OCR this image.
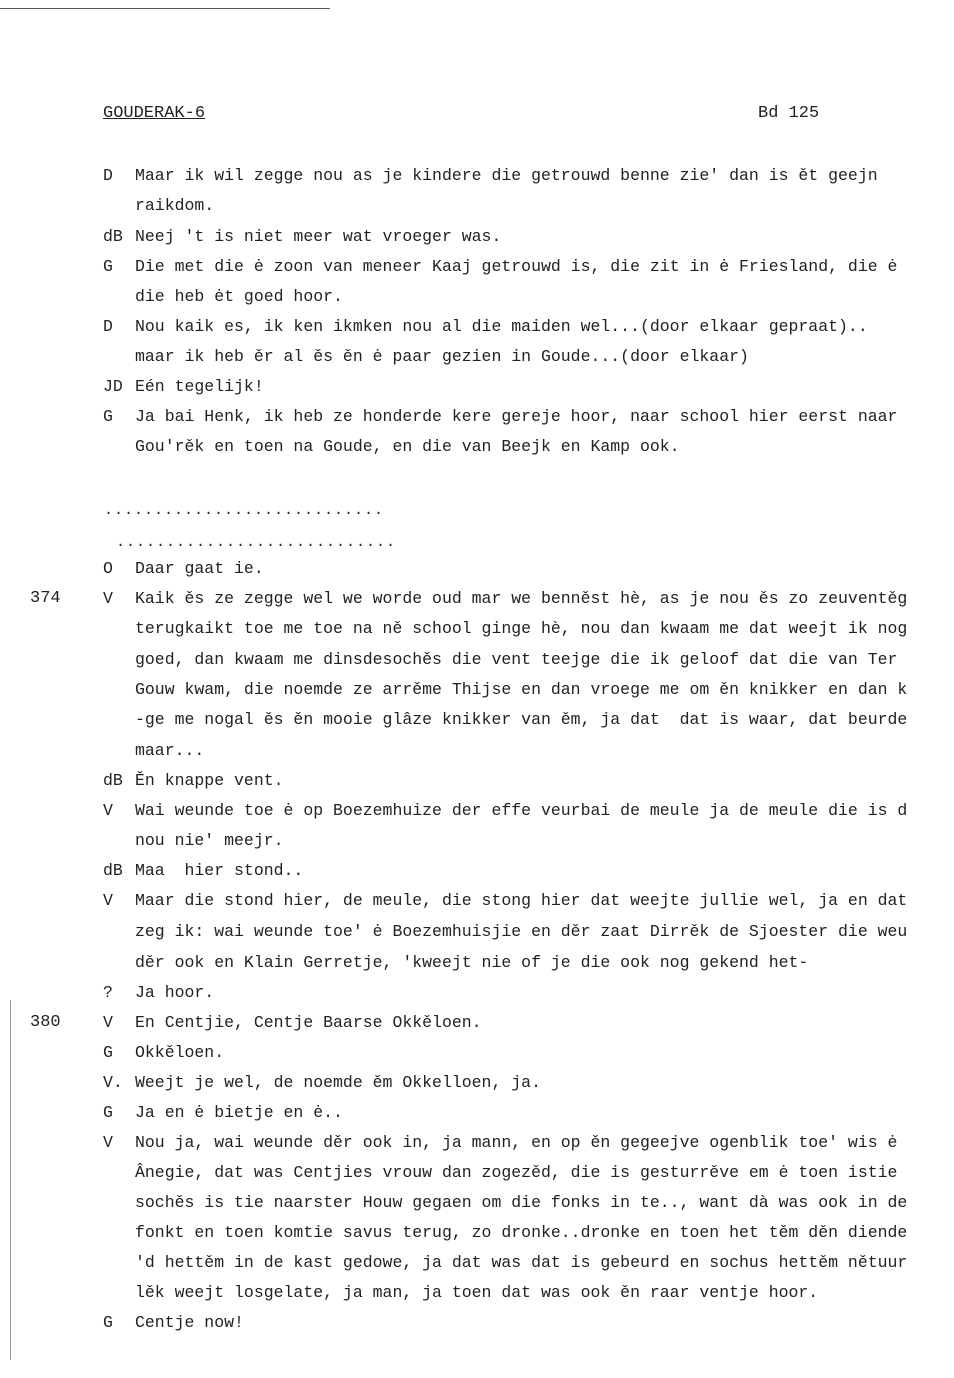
GOUDERAK-6	Bd 125
............................
............................
D	Maar ik wil zegge nou as je kindere die getrouwd benne zie' dan is ět geejn
raikdom.
dB Neej 't is niet meer wat vroeger was.
G	Die met die ė zoon van meneer Kaaj getrouwd is, die zit in ė Friesland, die ė
die heb ėt goed hoor.
D	Nou kaik es, ik ken ikmken nou al die maiden wel...(door elkaar gepraat)..
maar ik heb ěr al ěs ěn ė paar gezien in Goude...(door elkaar)
JD Eén tegelijk!
G	Ja bai Henk, ik heb ze honderde kere gereje hoor, naar school hier eerst naar
Gou'rěk en toen na Goude, en die van Beejk en Kamp ook.
O	Daar gaat ie.
374	V	Kaik ěs ze zegge wel we worde oud mar we benněst hè, as je nou ěs zo zeuventěg
terugkaikt toe me toe na ně school ginge hè, nou dan kwaam me dat weejt ik nog
goed, dan kwaam me dinsdesochěs die vent teejge die ik geloof dat die van Ter
Gouw kwam, die noemde ze arrěme Thijse en dan vroege me om ěn knikker en dan k
-ge me nogal ěs ěn mooie glâze knikker van ěm, ja dat  dat is waar, dat beurde
maar...
dB Ěn knappe vent.
V	Wai weunde toe ė op Boezemhuize der effe veurbai de meule ja de meule die is d
nou nie' meejr.
dB Maa  hier stond..
V	Maar die stond hier, de meule, die stong hier dat weejte jullie wel, ja en dat
zeg ik: wai weunde toe' ė Boezemhuisjie en děr zaat Dirrěk de Sjoester die weu
děr ook en Klain Gerretje, 'kweejt nie of je die ook nog gekend het-
?	Ja hoor.
380	V	En Centjie, Centje Baarse Okkěloen.
G	Okkěloen.
V. Weejt je wel, de noemde ěm Okkelloen, ja.
G	Ja en ė bietje en ė..
V	Nou ja, wai weunde děr ook in, ja mann, en op ěn gegeejve ogenblik toe' wis ė
Ânegie, dat was Centjies vrouw dan zogezěd, die is gesturrěve em ė toen istie
sochěs is tie naarster Houw gegaen om die fonks in te.., want dà was ook in de
fonkt en toen komtie savus terug, zo dronke..dronke en toen het těm děn diende
'd hettěm in de kast gedowe, ja dat was dat is gebeurd en sochus hettěm nětuur
lěk weejt losgelate, ja man, ja toen dat was ook ěn raar ventje hoor.
G	Centje now!
